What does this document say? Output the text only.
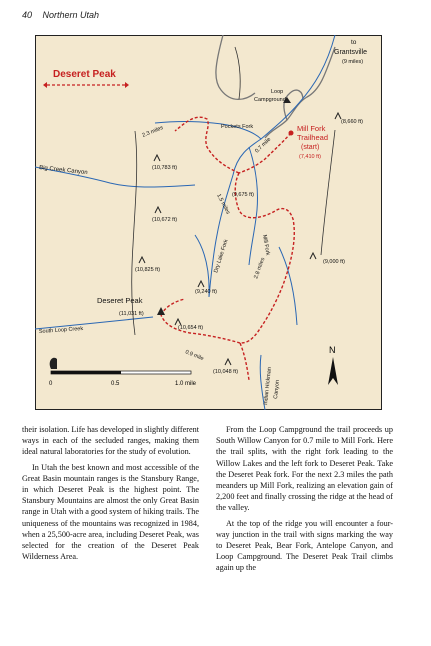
40 Northern Utah
Deseret Peak
to
Grantsville
(9 miles)
Loop
Campground
Mill Fork
Trailhead
(start)
(7,410 ft)
Pockets Fork
Big Creek Canyon
Dry Lake Fork	Mill Fork
South Loop Creek
Deseret Peak
(11,031 ft)
Indian Hickman Canyon
2.3 miles
0.7 mile
1.5 miles
2.8 miles
0.9 mile
(10,783 ft)
(10,672 ft)
(10,825 ft)
(9,675 ft)
(9,240 ft)
(9,000 ft)
(8,660 ft)
(10,654 ft)
(10,048 ft)
0	0.5	1.0 mile
N

their isolation. Life has developed in slightly different ways in each of the secluded ranges, making them ideal natural laboratories for the study of evolution.

In Utah the best known and most accessible of the Great Basin mountain ranges is the Stansbury Range, in which Deseret Peak is the highest point. The Stansbury Mountains are almost the only Great Basin range in Utah with a good system of hiking trails. The uniqueness of the mountains was recognized in 1984, when a 25,500-acre area, including Deseret Peak, was selected for the creation of the Deseret Peak Wilderness Area.

From the Loop Campground the trail proceeds up South Willow Canyon for 0.7 mile to Mill Fork. Here the trail splits, with the right fork leading to the Willow Lakes and the left fork to Deseret Peak. Take the Deseret Peak fork. For the next 2.3 miles the path meanders up Mill Fork, realizing an elevation gain of 2,200 feet and finally crossing the ridge at the head of the valley.

At the top of the ridge you will encounter a four-way junction in the trail with signs marking the way to Deseret Peak, Bear Fork, Antelope Canyon, and Loop Campground. The Deseret Peak Trail climbs again up the
